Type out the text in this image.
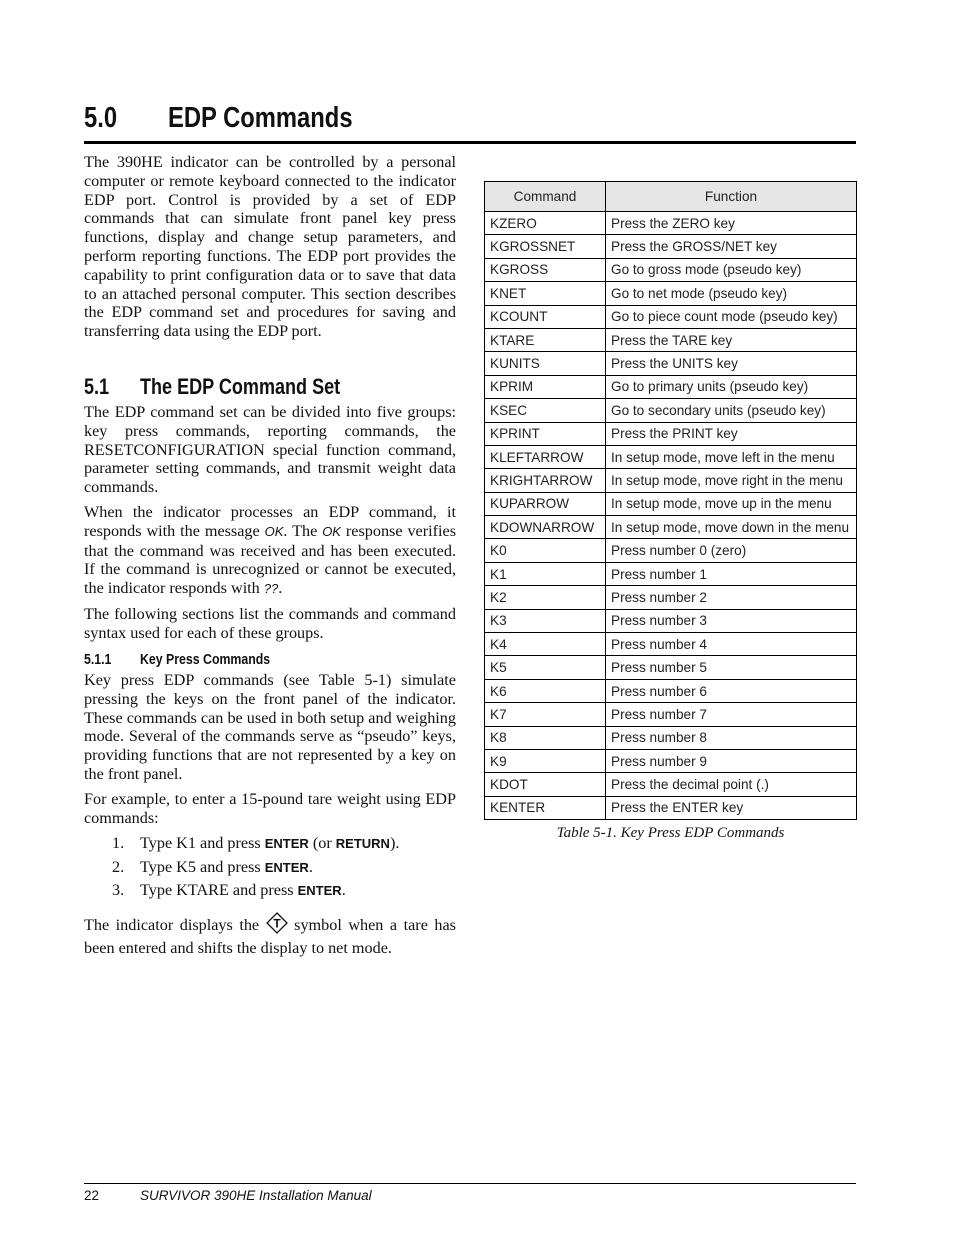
5.0 EDP Commands

The 390HE indicator can be controlled by a personal computer or remote keyboard connected to the indicator EDP port. Control is provided by a set of EDP commands that can simulate front panel key press functions, display and change setup parameters, and perform reporting functions. The EDP port provides the capability to print configuration data or to save that data to an attached personal computer. This section describes the EDP command set and procedures for saving and transferring data using the EDP port.

5.1 The EDP Command Set

The EDP command set can be divided into five groups: key press commands, reporting commands, the RESETCONFIGURATION special function command, parameter setting commands, and transmit weight data commands.

When the indicator processes an EDP command, it responds with the message OK. The OK response verifies that the command was received and has been executed. If the command is unrecognized or cannot be executed, the indicator responds with ??.

The following sections list the commands and command syntax used for each of these groups.

5.1.1 Key Press Commands

Key press EDP commands (see Table 5-1) simulate pressing the keys on the front panel of the indicator. These commands can be used in both setup and weighing mode. Several of the commands serve as “pseudo” keys, providing functions that are not represented by a key on the front panel.

For example, to enter a 15-pound tare weight using EDP commands:

1. Type K1 and press ENTER (or RETURN).
2. Type K5 and press ENTER.
3. Type KTARE and press ENTER.

The indicator displays the T symbol when a tare has been entered and shifts the display to net mode.

Command	Function
KZERO	Press the ZERO key
KGROSSNET	Press the GROSS/NET key
KGROSS	Go to gross mode (pseudo key)
KNET	Go to net mode (pseudo key)
KCOUNT	Go to piece count mode (pseudo key)
KTARE	Press the TARE key
KUNITS	Press the UNITS key
KPRIM	Go to primary units (pseudo key)
KSEC	Go to secondary units (pseudo key)
KPRINT	Press the PRINT key
KLEFTARROW	In setup mode, move left in the menu
KRIGHTARROW	In setup mode, move right in the menu
KUPARROW	In setup mode, move up in the menu
KDOWNARROW	In setup mode, move down in the menu
K0	Press number 0 (zero)
K1	Press number 1
K2	Press number 2
K3	Press number 3
K4	Press number 4
K5	Press number 5
K6	Press number 6
K7	Press number 7
K8	Press number 8
K9	Press number 9
KDOT	Press the decimal point (.)
KENTER	Press the ENTER key
Table 5-1. Key Press EDP Commands
22	SURVIVOR 390HE Installation Manual
